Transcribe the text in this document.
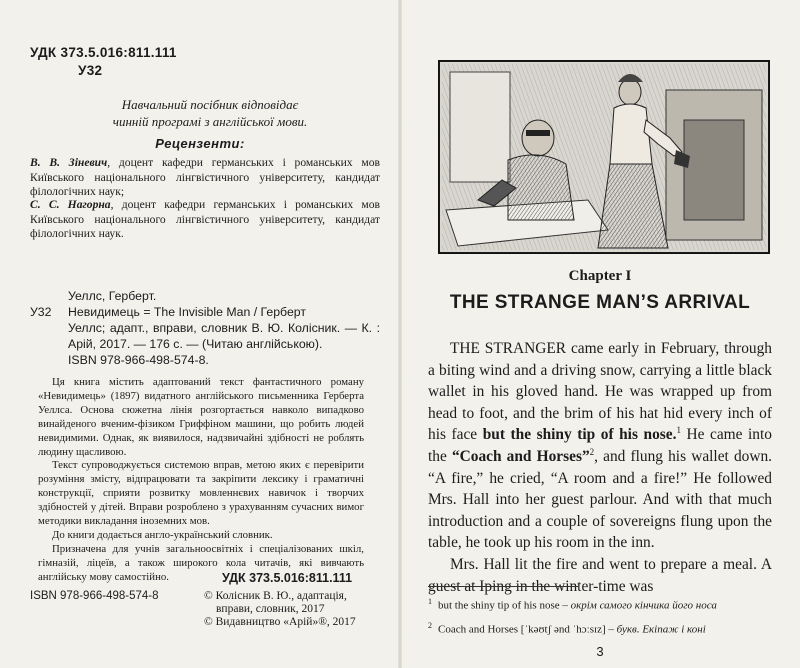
УДК 373.5.016:811.111
У32
Навчальний посібник відповідає
чинній програмі з англійської мови.
Рецензенти:
В. В. Зіневич, доцент кафедри германських і романських мов Київського національного лінгвістичного університету, кандидат філологічних наук;
С. С. Нагорна, доцент кафедри германських і романських мов Київського національного лінгвістичного університету, кандидат філологічних наук.
Уеллс, Герберт.
У32	Невидимець = The Invisible Man / Герберт
Уеллс; адапт., вправи, словник В. Ю. Колісник. — К. : Арій, 2017. — 176 с. — (Читаю англійською).
ISBN 978-966-498-574-8.

Ця книга містить адаптований текст фантастичного роману «Невидимець» (1897) видатного англійського письменника Герберта Уеллса. Основа сюжетна лінія розгортається навколо випадково винайденого вченим-фізиком Гриффіном машини, що робить людей невидимими. Однак, як виявилося, надзвичайні здібності не роблять людину щасливою.

Текст супроводжується системою вправ, метою яких є перевірити розуміння змісту, відпрацювати та закріпити лексику і граматичні конструкції, сприяти розвитку мовленнєвих навичок і творчих здібностей у дітей. Вправи розроблено з урахуванням сучасних вимог методики викладання іноземних мов.

До книги додається англо-український словник.

Призначена для учнів загальноосвітніх і спеціалізованих шкіл, гімназій, ліцеїв, а також широкого кола читачів, які вивчають англійську мову самостійно.	УДК 373.5.016:811.111
ISBN 978-966-498-574-8	© Колісник В. Ю., адаптація,
вправи, словник, 2017
© Видавництво «Арій»®, 2017
Chapter I
THE STRANGE MAN’S ARRIVAL

THE STRANGER came early in February, through a biting wind and a driving snow, carrying a little black wallet in his gloved hand. He was wrapped up from head to foot, and the brim of his hat hid every inch of his face but the shiny tip of his nose.$^1$ He came into the “Coach and Horses”$^2$, and flung his wallet down. “A fire,” he cried, “A room and a fire!” He followed Mrs. Hall into her guest parlour. And with that much introduction and a couple of sovereigns flung upon the table, he took up his room in the inn.

Mrs. Hall lit the fire and went to prepare a meal. A guest at Iping in the winter-time was

$^1$ but the shiny tip of his nose – окрім самого кінчика його носа
$^2$ Coach and Horses [ˈkəʊtʃ ənd ˈhɔːsɪz] – букв. Екіпаж і коні
3
